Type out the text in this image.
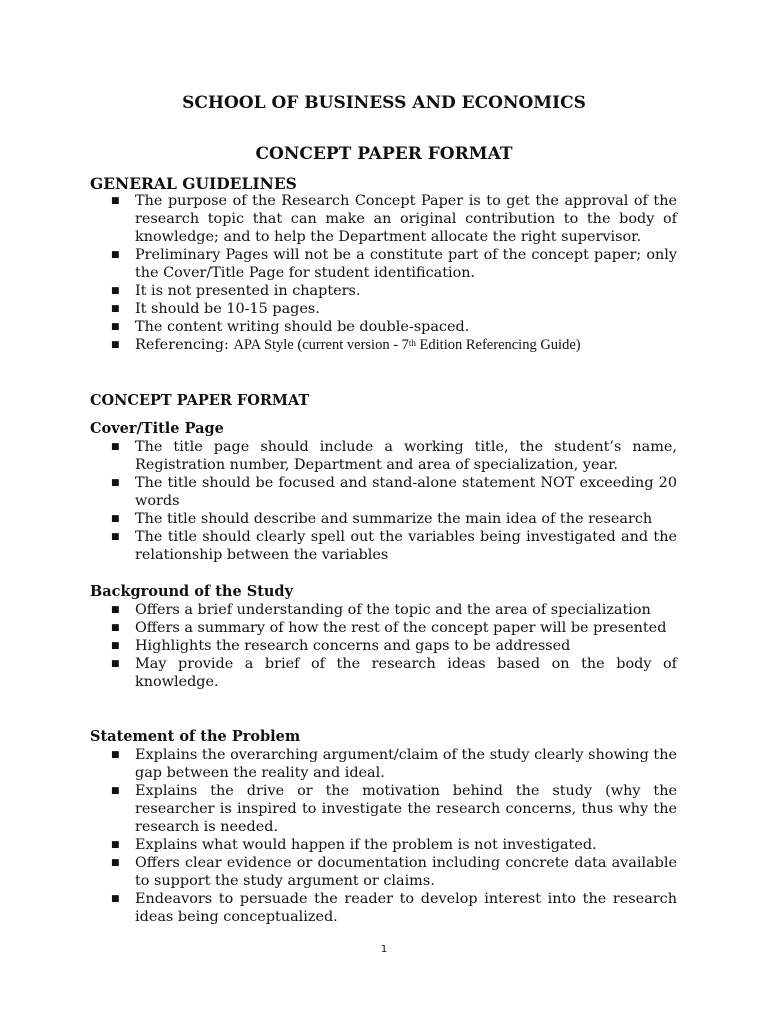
SCHOOL OF BUSINESS AND ECONOMICS
CONCEPT PAPER FORMAT
GENERAL GUIDELINES
■ The purpose of the Research Concept Paper is to get the approval of the research topic that can make an original contribution to the body of knowledge; and to help the Department allocate the right supervisor.
■ Preliminary Pages will not be a constitute part of the concept paper; only the Cover/Title Page for student identification.
■ It is not presented in chapters.
■ It should be 10-15 pages.
■ The content writing should be double-spaced.
■ Referencing: APA Style (current version - 7th Edition Referencing Guide)
CONCEPT PAPER FORMAT
Cover/Title Page
■ The title page should include a working title, the student’s name, Registration number, Department and area of specialization, year.
■ The title should be focused and stand-alone statement NOT exceeding 20 words
■ The title should describe and summarize the main idea of the research
■ The title should clearly spell out the variables being investigated and the relationship between the variables
Background of the Study
■ Offers a brief understanding of the topic and the area of specialization
■ Offers a summary of how the rest of the concept paper will be presented
■ Highlights the research concerns and gaps to be addressed
■ May provide a brief of the research ideas based on the body of knowledge.
Statement of the Problem
■ Explains the overarching argument/claim of the study clearly showing the gap between the reality and ideal.
■ Explains the drive or the motivation behind the study (why the researcher is inspired to investigate the research concerns, thus why the research is needed.
■ Explains what would happen if the problem is not investigated.
■ Offers clear evidence or documentation including concrete data available to support the study argument or claims.
■ Endeavors to persuade the reader to develop interest into the research ideas being conceptualized.
1
